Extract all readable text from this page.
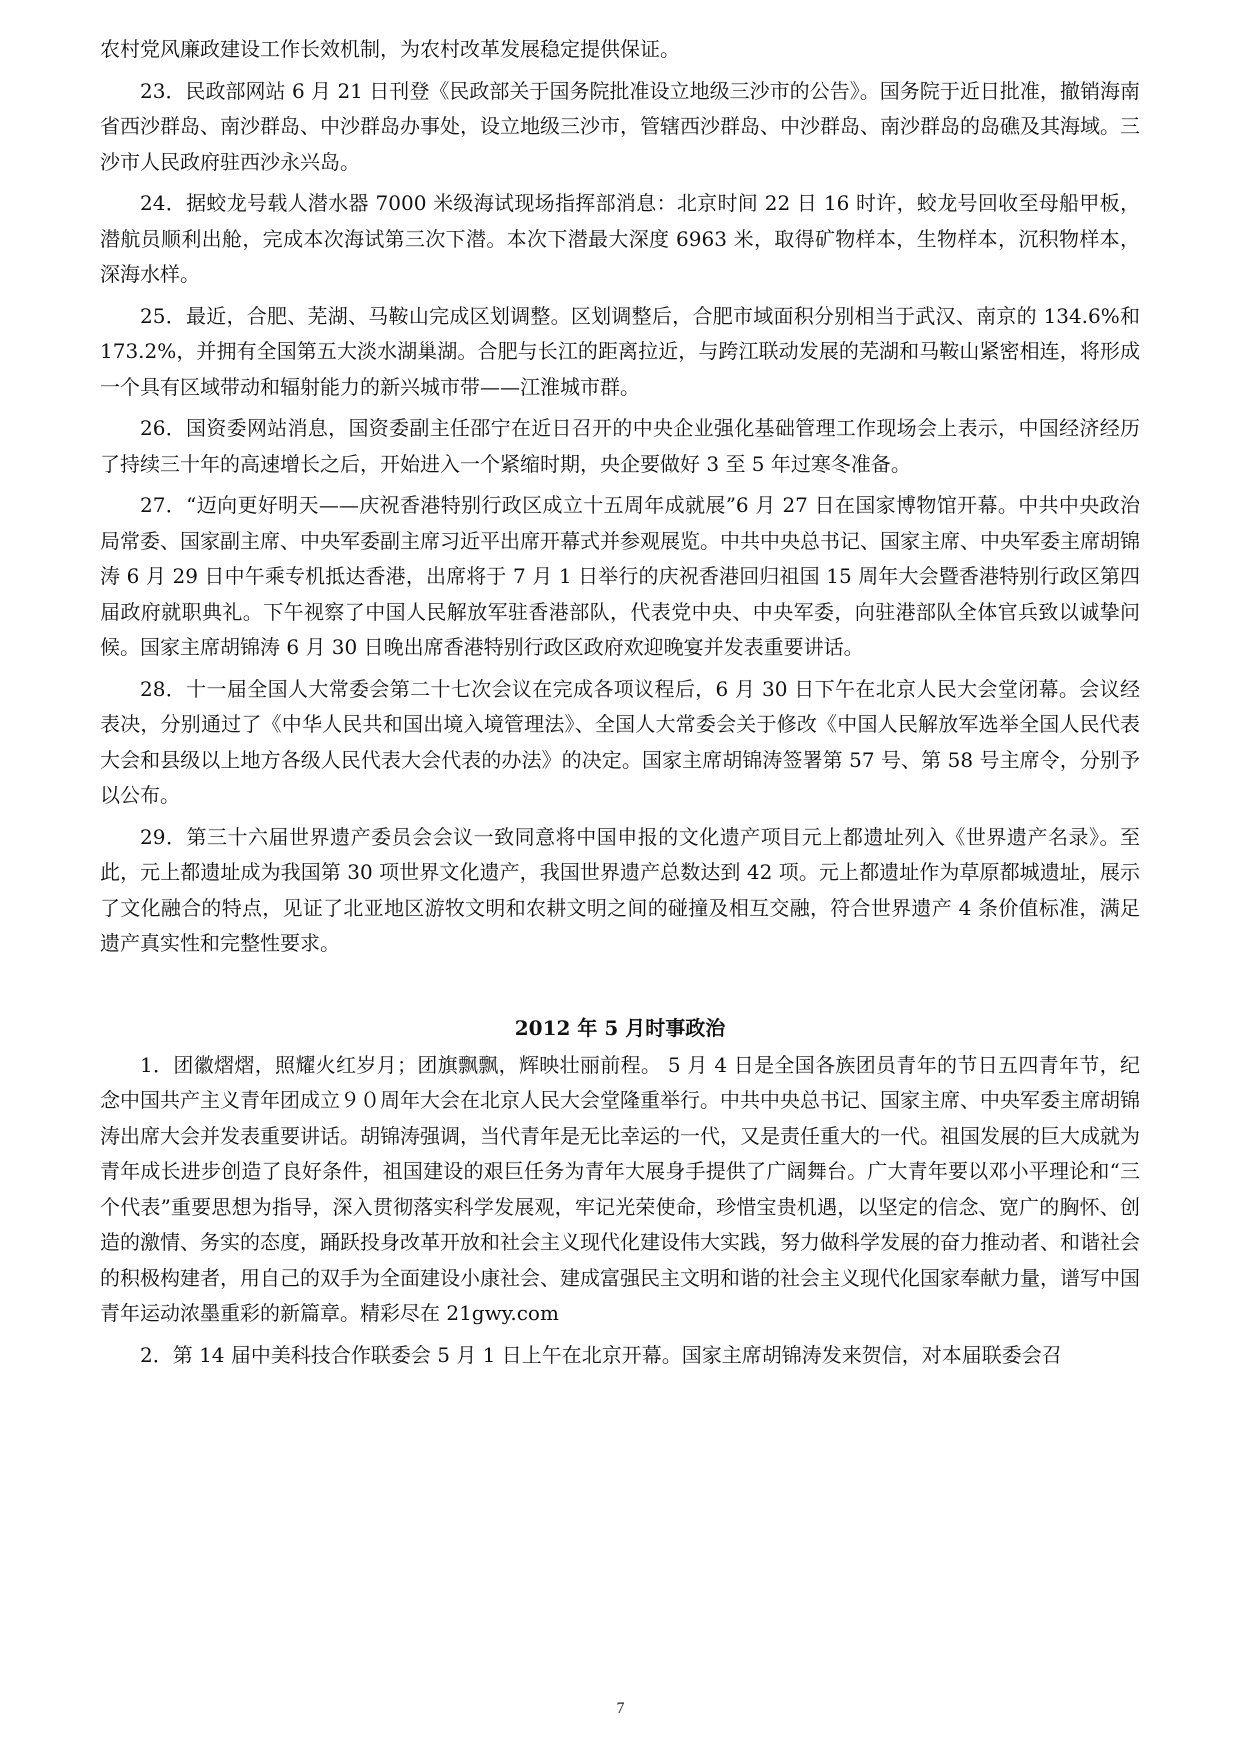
农村党风廉政建设工作长效机制，为农村改革发展稳定提供保证。

23．民政部网站 6 月 21 日刊登《民政部关于国务院批准设立地级三沙市的公告》。国务院于近日批准，撤销海南省西沙群岛、南沙群岛、中沙群岛办事处，设立地级三沙市，管辖西沙群岛、中沙群岛、南沙群岛的岛礁及其海域。三沙市人民政府驻西沙永兴岛。

24．据蛟龙号载人潜水器 7000 米级海试现场指挥部消息：北京时间 22 日 16 时许，蛟龙号回收至母船甲板，潜航员顺利出舱，完成本次海试第三次下潜。本次下潜最大深度 6963 米，取得矿物样本，生物样本，沉积物样本，深海水样。

25．最近，合肥、芜湖、马鞍山完成区划调整。区划调整后，合肥市域面积分别相当于武汉、南京的 134.6%和 173.2%，并拥有全国第五大淡水湖巢湖。合肥与长江的距离拉近，与跨江联动发展的芜湖和马鞍山紧密相连，将形成一个具有区域带动和辐射能力的新兴城市带——江淮城市群。

26．国资委网站消息，国资委副主任邵宁在近日召开的中央企业强化基础管理工作现场会上表示，中国经济经历了持续三十年的高速增长之后，开始进入一个紧缩时期，央企要做好 3 至 5 年过寒冬准备。

27．“迈向更好明天——庆祝香港特别行政区成立十五周年成就展”6 月 27 日在国家博物馆开幕。中共中央政治局常委、国家副主席、中央军委副主席习近平出席开幕式并参观展览。中共中央总书记、国家主席、中央军委主席胡锦涛 6 月 29 日中午乘专机抵达香港，出席将于 7 月 1 日举行的庆祝香港回归祖国 15 周年大会暨香港特别行政区第四届政府就职典礼。下午视察了中国人民解放军驻香港部队，代表党中央、中央军委，向驻港部队全体官兵致以诚挚问候。国家主席胡锦涛 6 月 30 日晚出席香港特别行政区政府欢迎晚宴并发表重要讲话。

28．十一届全国人大常委会第二十七次会议在完成各项议程后，6 月 30 日下午在北京人民大会堂闭幕。会议经表决，分别通过了《中华人民共和国出境入境管理法》、全国人大常委会关于修改《中国人民解放军选举全国人民代表大会和县级以上地方各级人民代表大会代表的办法》的决定。国家主席胡锦涛签署第 57 号、第 58 号主席令，分别予以公布。

29．第三十六届世界遗产委员会会议一致同意将中国申报的文化遗产项目元上都遗址列入《世界遗产名录》。至此，元上都遗址成为我国第 30 项世界文化遗产，我国世界遗产总数达到 42 项。元上都遗址作为草原都城遗址，展示了文化融合的特点，见证了北亚地区游牧文明和农耕文明之间的碰撞及相互交融，符合世界遗产 4 条价值标准，满足遗产真实性和完整性要求。

2012 年 5 月时事政治

1．团徽熠熠，照耀火红岁月；团旗飘飘，辉映壮丽前程。 5 月 4 日是全国各族团员青年的节日五四青年节，纪念中国共产主义青年团成立９０周年大会在北京人民大会堂隆重举行。中共中央总书记、国家主席、中央军委主席胡锦涛出席大会并发表重要讲话。胡锦涛强调，当代青年是无比幸运的一代，又是责任重大的一代。祖国发展的巨大成就为青年成长进步创造了良好条件，祖国建设的艰巨任务为青年大展身手提供了广阔舞台。广大青年要以邓小平理论和“三个代表”重要思想为指导，深入贯彻落实科学发展观，牢记光荣使命，珍惜宝贵机遇，以坚定的信念、宽广的胸怀、创造的激情、务实的态度，踊跃投身改革开放和社会主义现代化建设伟大实践，努力做科学发展的奋力推动者、和谐社会的积极构建者，用自己的双手为全面建设小康社会、建成富强民主文明和谐的社会主义现代化国家奉献力量，谱写中国青年运动浓墨重彩的新篇章。精彩尽在 21gwy.com

2．第 14 届中美科技合作联委会 5 月 1 日上午在北京开幕。国家主席胡锦涛发来贺信，对本届联委会召

7
